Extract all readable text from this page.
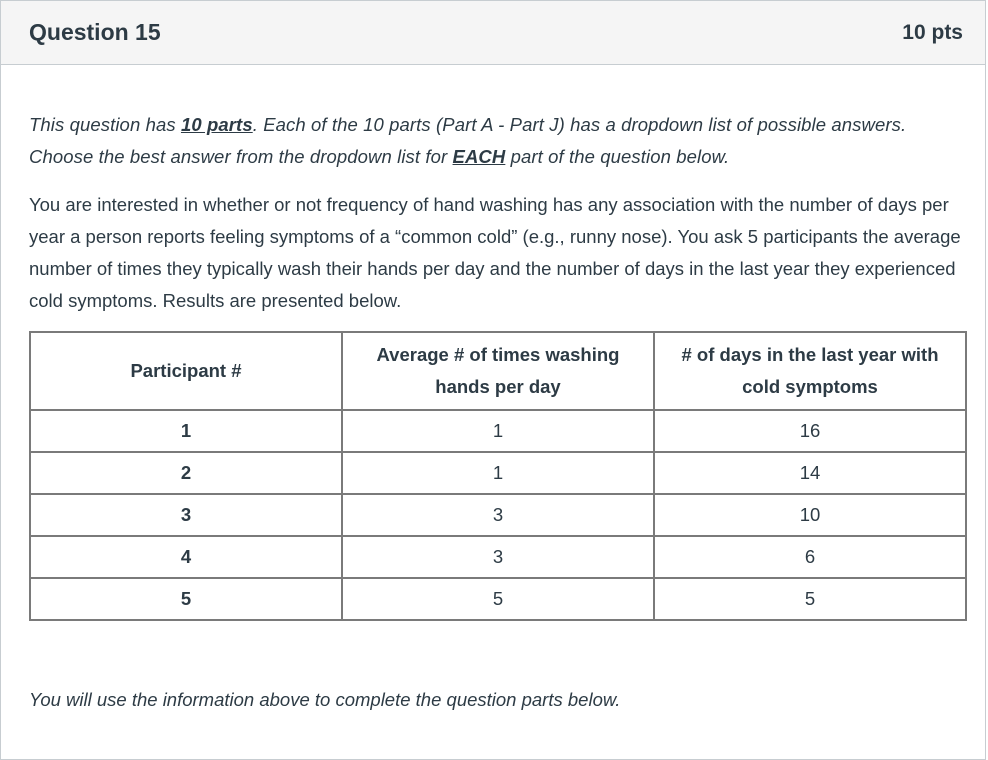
Question 15	10 pts

This question has 10 parts. Each of the 10 parts (Part A - Part J) has a dropdown list of possible answers. Choose the best answer from the dropdown list for EACH part of the question below.

You are interested in whether or not frequency of hand washing has any association with the number of days per year a person reports feeling symptoms of a “common cold” (e.g., runny nose). You ask 5 participants the average number of times they typically wash their hands per day and the number of days in the last year they experienced cold symptoms. Results are presented below.

Participant #	Average # of times washing hands per day	# of days in the last year with cold symptoms
1	1	16
2	1	14
3	3	10
4	3	6
5	5	5
You will use the information above to complete the question parts below.
